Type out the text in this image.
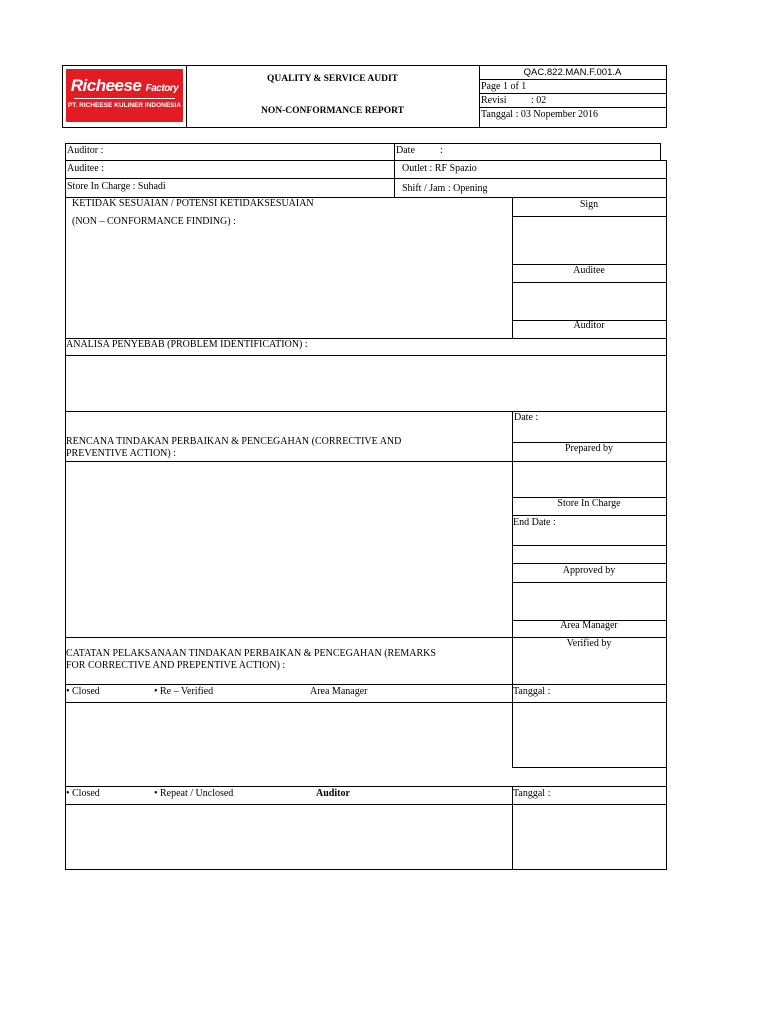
Richeese Factory
PT. RICHEESE KULINER INDONESIA
QUALITY & SERVICE AUDIT
NON-CONFORMANCE REPORT
QAC.822.MAN.F.001.A
Page 1 of 1
Revisi : 02
Tanggal : 03 Nopember 2016
Auditor :	Date	:
Auditee :	Outlet : RF Spazio
Store In Charge : Suhadi	Shift / Jam : Opening
KETIDAK SESUAIAN / POTENSI KETIDAKSESUAIAN
(NON – CONFORMANCE FINDING) :
Sign
Auditee
Auditor
ANALISA PENYEBAB (PROBLEM IDENTIFICATION) :
Date :
RENCANA TINDAKAN PERBAIKAN & PENCEGAHAN (CORRECTIVE AND
PREVENTIVE ACTION) :	Prepared by
Store In Charge
End Date :
Approved by
Area Manager
Verified by
CATATAN PELAKSANAAN TINDAKAN PERBAIKAN & PENCEGAHAN (REMARKS
FOR CORRECTIVE AND PREPENTIVE ACTION) :
• Closed	• Re – Verified	Area Manager	Tanggal :
• Closed	• Repeat / Unclosed	Auditor	Tanggal :
